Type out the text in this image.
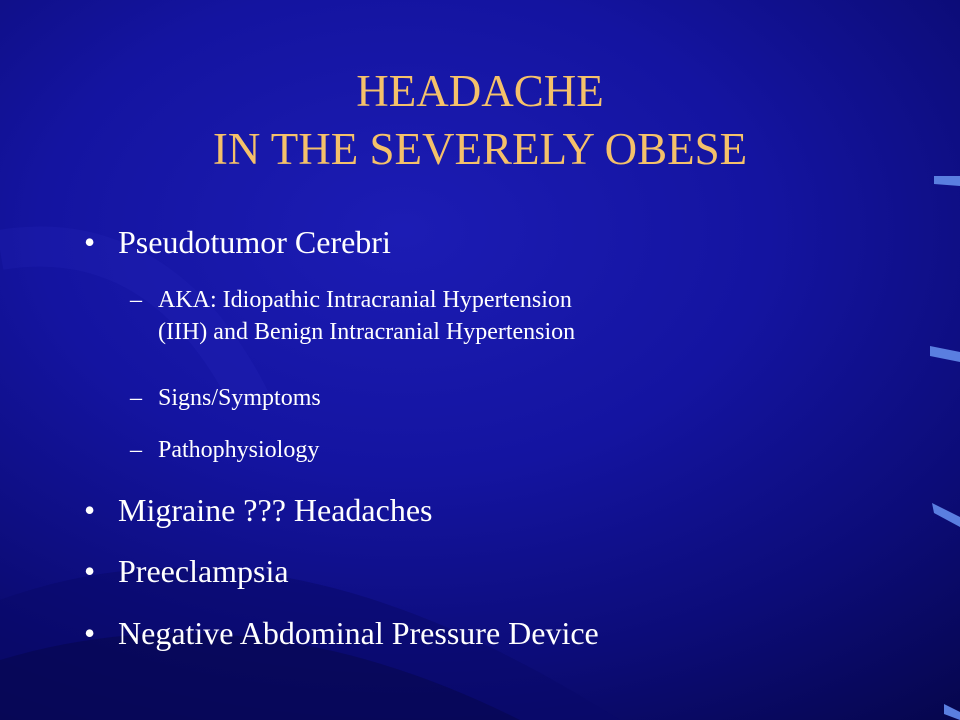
HEADACHE
IN THE SEVERELY OBESE
• Pseudotumor Cerebri
– AKA: Idiopathic Intracranial Hypertension
(IIH) and Benign Intracranial Hypertension
– Signs/Symptoms
– Pathophysiology
• Migraine ??? Headaches
• Preeclampsia
• Negative Abdominal Pressure Device
